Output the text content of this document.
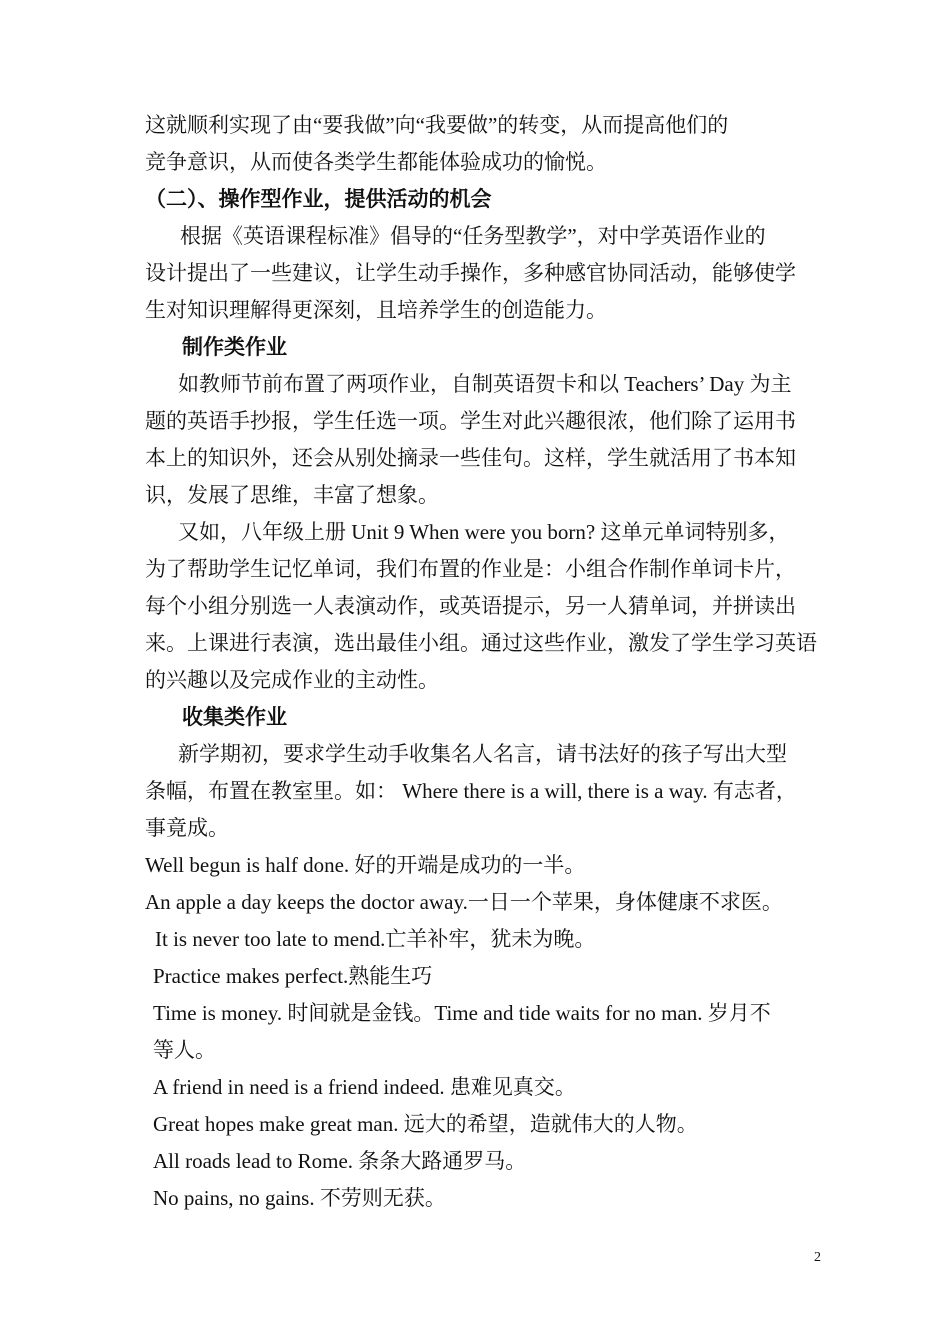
这就顺利实现了由“要我做”向“我要做”的转变，从而提高他们的
竞争意识，从而使各类学生都能体验成功的愉悦。
（二）、操作型作业，提供活动的机会
根据《英语课程标准》倡导的“任务型教学”，对中学英语作业的
设计提出了一些建议，让学生动手操作，多种感官协同活动，能够使学
生对知识理解得更深刻，且培养学生的创造能力。
制作类作业
如教师节前布置了两项作业，自制英语贺卡和以 Teachers’ Day 为主
题的英语手抄报，学生任选一项。学生对此兴趣很浓，他们除了运用书
本上的知识外，还会从别处摘录一些佳句。这样，学生就活用了书本知
识，发展了思维，丰富了想象。
又如，八年级上册 Unit 9 When were you born? 这单元单词特别多，
为了帮助学生记忆单词，我们布置的作业是：小组合作制作单词卡片，
每个小组分别选一人表演动作，或英语提示，另一人猜单词，并拼读出
来。上课进行表演，选出最佳小组。通过这些作业，激发了学生学习英语
的兴趣以及完成作业的主动性。
收集类作业
新学期初，要求学生动手收集名人名言，请书法好的孩子写出大型
条幅，布置在教室里。如： Where there is a will, there is a way. 有志者，
事竟成。
Well begun is half done. 好的开端是成功的一半。
An apple a day keeps the doctor away.一日一个苹果，身体健康不求医。
It is never too late to mend.亡羊补牢，犹未为晚。
Practice makes perfect.熟能生巧
Time is money. 时间就是金钱。Time and tide waits for no man. 岁月不
等人。
A friend in need is a friend indeed. 患难见真交。
Great hopes make great man. 远大的希望，造就伟大的人物。
All roads lead to Rome. 条条大路通罗马。
No pains, no gains. 不劳则无获。
2
